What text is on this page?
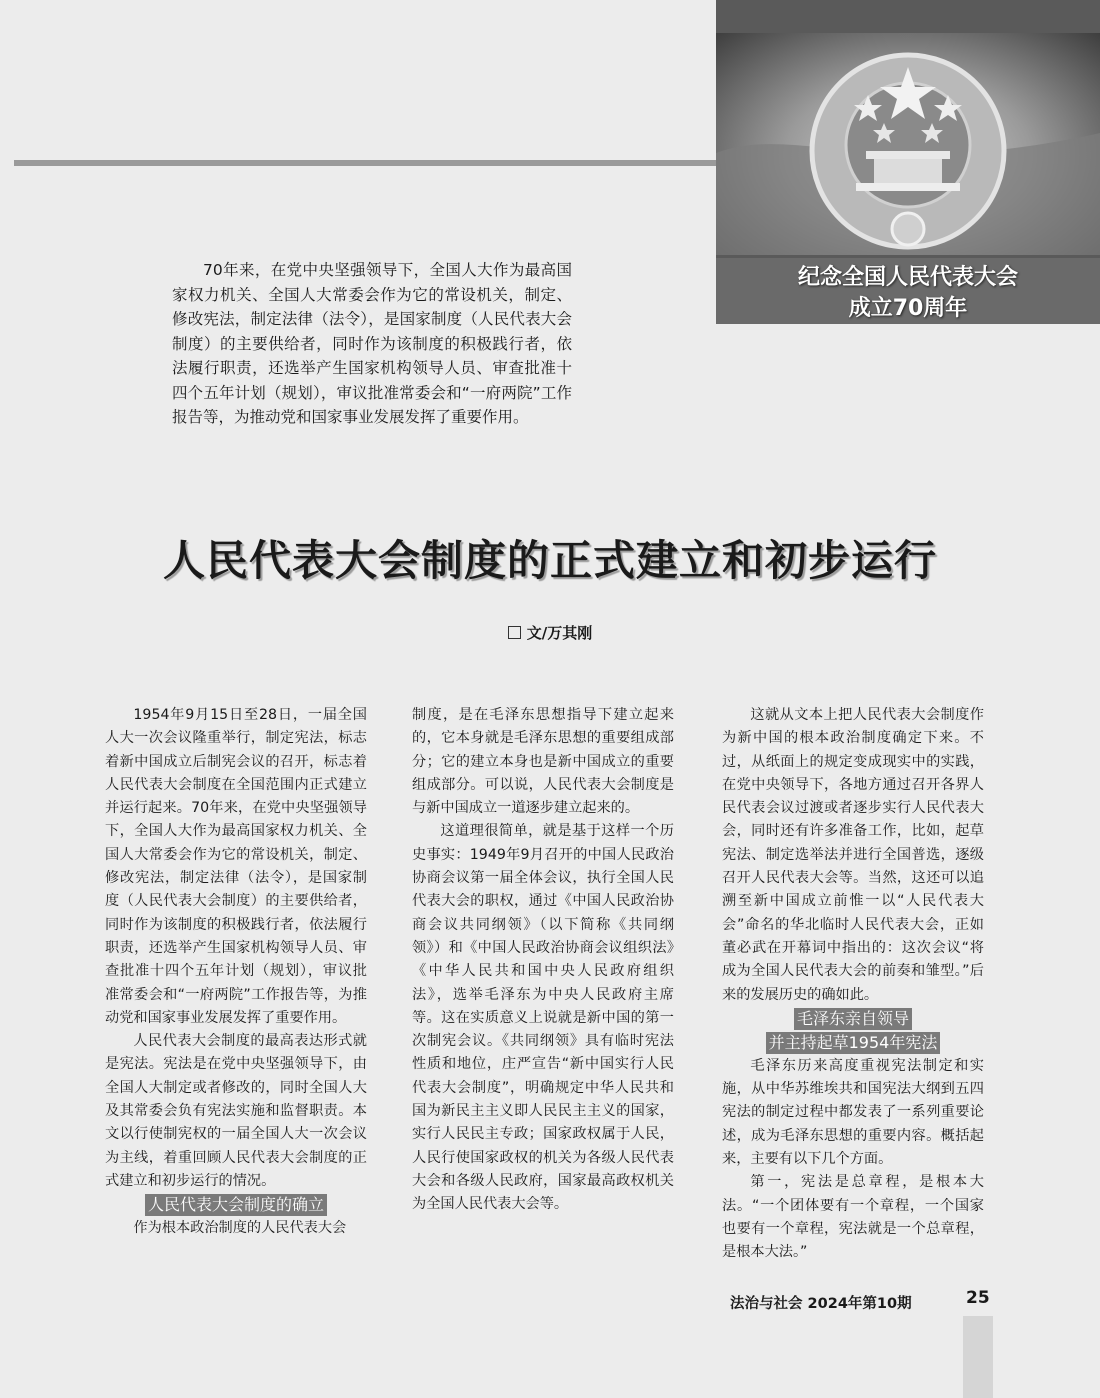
纪念全国人民代表大会
成立70周年
70年来，在党中央坚强领导下，全国人大作为最高国家权力机关、全国人大常委会作为它的常设机关，制定、修改宪法，制定法律（法令），是国家制度（人民代表大会制度）的主要供给者，同时作为该制度的积极践行者，依法履行职责，还选举产生国家机构领导人员、审查批准十四个五年计划（规划），审议批准常委会和“一府两院”工作报告等，为推动党和国家事业发展发挥了重要作用。
人民代表大会制度的正式建立和初步运行
文/万其刚

1954年9月15日至28日，一届全国人大一次会议隆重举行，制定宪法，标志着新中国成立后制宪会议的召开，标志着人民代表大会制度在全国范围内正式建立并运行起来。70年来，在党中央坚强领导下，全国人大作为最高国家权力机关、全国人大常委会作为它的常设机关，制定、修改宪法，制定法律（法令），是国家制度（人民代表大会制度）的主要供给者，同时作为该制度的积极践行者，依法履行职责，还选举产生国家机构领导人员、审查批准十四个五年计划（规划），审议批准常委会和“一府两院”工作报告等，为推动党和国家事业发展发挥了重要作用。

人民代表大会制度的最高表达形式就是宪法。宪法是在党中央坚强领导下，由全国人大制定或者修改的，同时全国人大及其常委会负有宪法实施和监督职责。本文以行使制宪权的一届全国人大一次会议为主线，着重回顾人民代表大会制度的正式建立和初步运行的情况。

人民代表大会制度的确立

作为根本政治制度的人民代表大会

制度，是在毛泽东思想指导下建立起来的，它本身就是毛泽东思想的重要组成部分；它的建立本身也是新中国成立的重要组成部分。可以说，人民代表大会制度是与新中国成立一道逐步建立起来的。

这道理很简单，就是基于这样一个历史事实：1949年9月召开的中国人民政治协商会议第一届全体会议，执行全国人民代表大会的职权，通过《中国人民政治协商会议共同纲领》（以下简称《共同纲领》）和《中国人民政治协商会议组织法》《中华人民共和国中央人民政府组织法》，选举毛泽东为中央人民政府主席等。这在实质意义上说就是新中国的第一次制宪会议。《共同纲领》具有临时宪法性质和地位，庄严宣告“新中国实行人民代表大会制度”，明确规定中华人民共和国为新民主主义即人民民主主义的国家，实行人民民主专政；国家政权属于人民，人民行使国家政权的机关为各级人民代表大会和各级人民政府，国家最高政权机关为全国人民代表大会等。

这就从文本上把人民代表大会制度作为新中国的根本政治制度确定下来。不过，从纸面上的规定变成现实中的实践，在党中央领导下，各地方通过召开各界人民代表会议过渡或者逐步实行人民代表大会，同时还有许多准备工作，比如，起草宪法、制定选举法并进行全国普选，逐级召开人民代表大会等。当然，这还可以追溯至新中国成立前惟一以“人民代表大会”命名的华北临时人民代表大会，正如董必武在开幕词中指出的：这次会议“将成为全国人民代表大会的前奏和雏型。”后来的发展历史的确如此。

毛泽东亲自领导
并主持起草1954年宪法

毛泽东历来高度重视宪法制定和实施，从中华苏维埃共和国宪法大纲到五四宪法的制定过程中都发表了一系列重要论述，成为毛泽东思想的重要内容。概括起来，主要有以下几个方面。

第一，宪法是总章程，是根本大法。“一个团体要有一个章程，一个国家也要有一个章程，宪法就是一个总章程，是根本大法。”

法治与社会 2024年第10期	25
